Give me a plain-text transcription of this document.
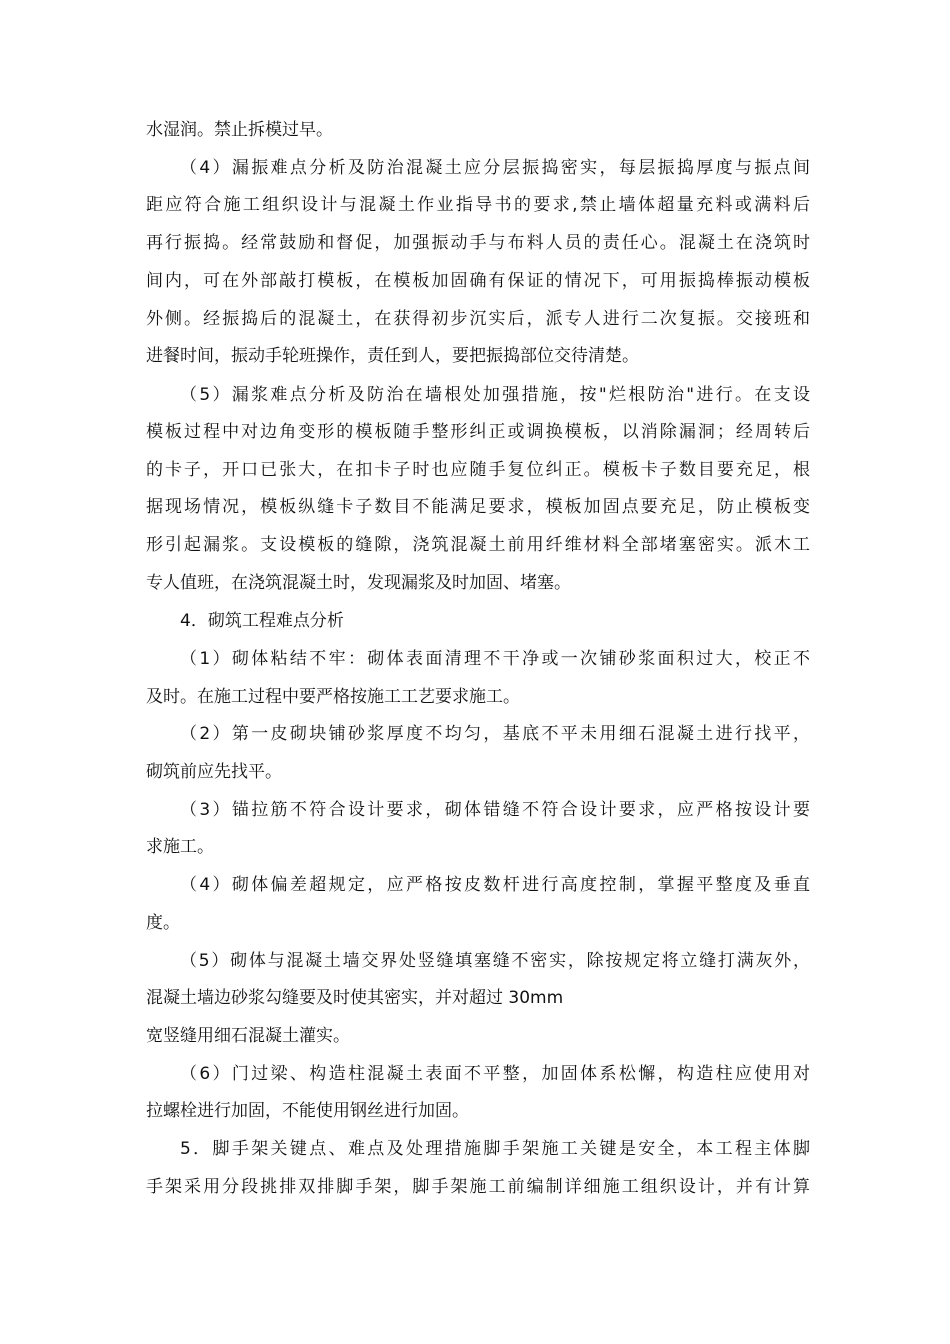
水湿润。禁止拆模过早。
（4）漏振难点分析及防治混凝土应分层振捣密实，每层振捣厚度与振点间
距应符合施工组织设计与混凝土作业指导书的要求,禁止墙体超量充料或满料后
再行振捣。经常鼓励和督促，加强振动手与布料人员的责任心。混凝土在浇筑时
间内，可在外部敲打模板，在模板加固确有保证的情况下，可用振捣棒振动模板
外侧。经振捣后的混凝土，在获得初步沉实后，派专人进行二次复振。交接班和
进餐时间，振动手轮班操作，责任到人，要把振捣部位交待清楚。
（5）漏浆难点分析及防治在墙根处加强措施，按"烂根防治"进行。在支设
模板过程中对边角变形的模板随手整形纠正或调换模板，以消除漏洞；经周转后
的卡子，开口已张大，在扣卡子时也应随手复位纠正。模板卡子数目要充足，根
据现场情况，模板纵缝卡子数目不能满足要求，模板加固点要充足，防止模板变
形引起漏浆。支设模板的缝隙，浇筑混凝土前用纤维材料全部堵塞密实。派木工
专人值班，在浇筑混凝土时，发现漏浆及时加固、堵塞。
4．砌筑工程难点分析
（1）砌体粘结不牢：砌体表面清理不干净或一次铺砂浆面积过大，校正不
及时。在施工过程中要严格按施工工艺要求施工。
（2）第一皮砌块铺砂浆厚度不均匀，基底不平未用细石混凝土进行找平，
砌筑前应先找平。
（3）锚拉筋不符合设计要求，砌体错缝不符合设计要求，应严格按设计要
求施工。
（4）砌体偏差超规定，应严格按皮数杆进行高度控制，掌握平整度及垂直
度。
（5）砌体与混凝土墙交界处竖缝填塞缝不密实，除按规定将立缝打满灰外，
混凝土墙边砂浆勾缝要及时使其密实，并对超过 30mm
宽竖缝用细石混凝土灌实。
（6）门过梁、构造柱混凝土表面不平整，加固体系松懈，构造柱应使用对
拉螺栓进行加固，不能使用钢丝进行加固。
5．脚手架关键点、难点及处理措施脚手架施工关键是安全，本工程主体脚
手架采用分段挑排双排脚手架，脚手架施工前编制详细施工组织设计，并有计算
